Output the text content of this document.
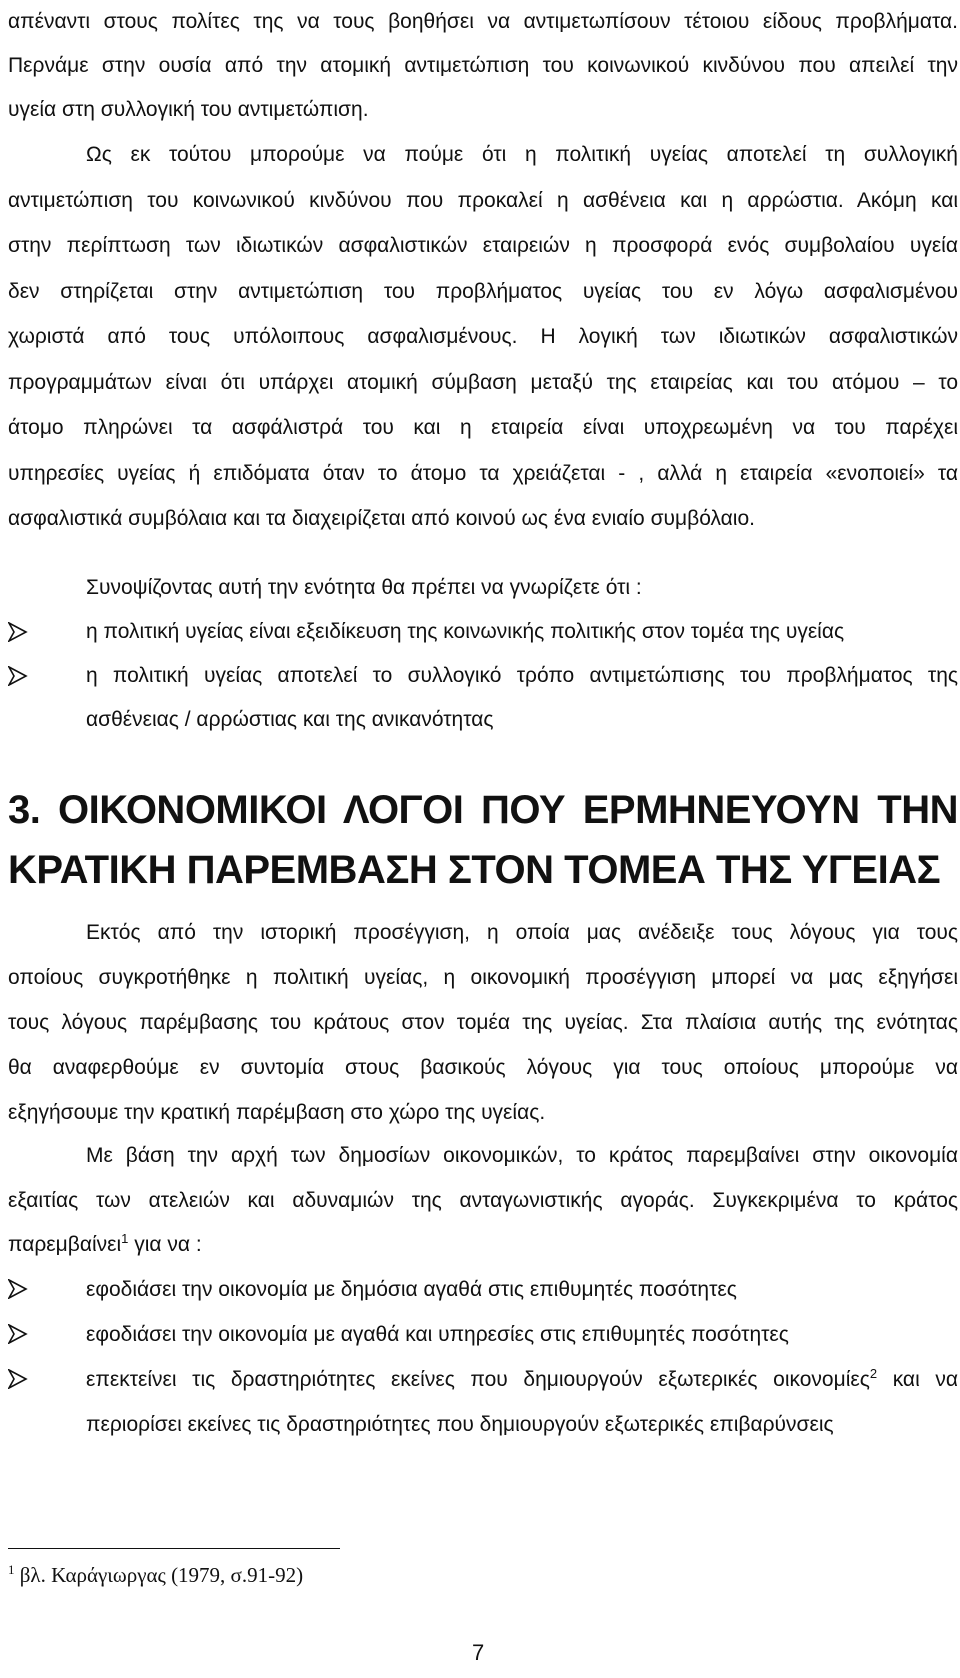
απέναντι στους πολίτες της να τους βοηθήσει να αντιμετωπίσουν τέτοιου είδους προβλήματα.
Περνάμε στην ουσία από την ατομική αντιμετώπιση του κοινωνικού κινδύνου που απειλεί την
υγεία στη συλλογική του αντιμετώπιση.
Ως εκ τούτου μπορούμε να πούμε ότι η πολιτική υγείας αποτελεί τη συλλογική
αντιμετώπιση του κοινωνικού κινδύνου που προκαλεί η ασθένεια και η αρρώστια. Ακόμη και
στην περίπτωση των ιδιωτικών ασφαλιστικών εταιρειών η προσφορά ενός συμβολαίου υγεία
δεν στηρίζεται στην αντιμετώπιση του προβλήματος υγείας του εν λόγω ασφαλισμένου
χωριστά από τους υπόλοιπους ασφαλισμένους. Η λογική των ιδιωτικών ασφαλιστικών
προγραμμάτων είναι ότι υπάρχει ατομική σύμβαση μεταξύ της εταιρείας και του ατόμου – το
άτομο πληρώνει τα ασφάλιστρά του και η εταιρεία είναι υποχρεωμένη να του παρέχει
υπηρεσίες υγείας ή επιδόματα όταν το άτομο τα χρειάζεται - , αλλά η εταιρεία «ενοποιεί» τα
ασφαλιστικά συμβόλαια και τα διαχειρίζεται από κοινού ως ένα ενιαίο συμβόλαιο.
Συνοψίζοντας αυτή την ενότητα θα πρέπει να γνωρίζετε ότι :
η πολιτική υγείας είναι εξειδίκευση της κοινωνικής πολιτικής στον τομέα της υγείας
η πολιτική υγείας αποτελεί το συλλογικό τρόπο αντιμετώπισης του προβλήματος της
ασθένειας / αρρώστιας και της ανικανότητας
3. ΟΙΚΟΝΟΜΙΚΟΙ ΛΟΓΟΙ ΠΟΥ ΕΡΜΗΝΕΥΟΥΝ ΤΗΝ
ΚΡΑΤΙΚΗ ΠΑΡΕΜΒΑΣΗ ΣΤΟΝ ΤΟΜΕΑ ΤΗΣ ΥΓΕΙΑΣ
Εκτός από την ιστορική προσέγγιση, η οποία μας ανέδειξε τους λόγους για τους
οποίους συγκροτήθηκε η πολιτική υγείας, η οικονομική προσέγγιση μπορεί να μας εξηγήσει
τους λόγους παρέμβασης του κράτους στον τομέα της υγείας. Στα πλαίσια αυτής της ενότητας
θα αναφερθούμε εν συντομία στους βασικούς λόγους για τους οποίους μπορούμε να
εξηγήσουμε την κρατική παρέμβαση στο χώρο της υγείας.
Με βάση την αρχή των δημοσίων οικονομικών, το κράτος παρεμβαίνει στην οικονομία
εξαιτίας των ατελειών και αδυναμιών της ανταγωνιστικής αγοράς. Συγκεκριμένα το κράτος
παρεμβαίνει$^1$ για να :
εφοδιάσει την οικονομία με δημόσια αγαθά στις επιθυμητές ποσότητες
εφοδιάσει την οικονομία με αγαθά και υπηρεσίες στις επιθυμητές ποσότητες
επεκτείνει τις δραστηριότητες εκείνες που δημιουργούν εξωτερικές οικονομίες$^2$ και να
περιορίσει εκείνες τις δραστηριότητες που δημιουργούν εξωτερικές επιβαρύνσεις
$^1$ βλ. Καράγιωργας (1979, σ.91-92)
7
